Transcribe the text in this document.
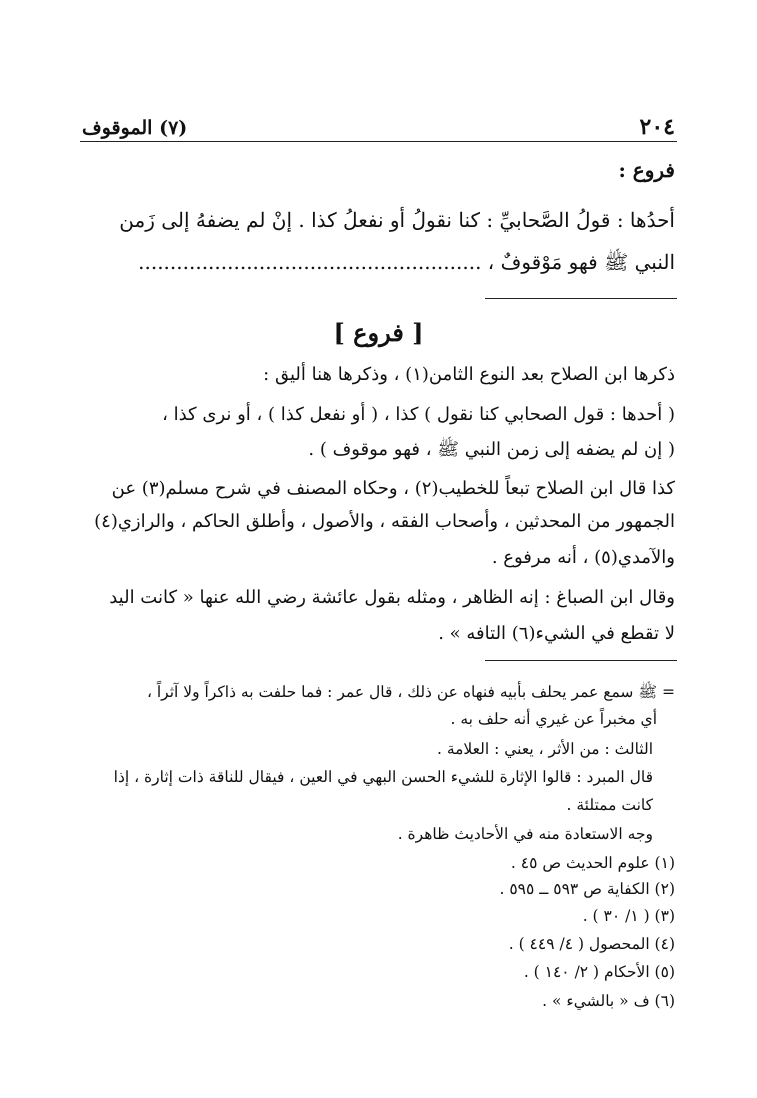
(٧) الموقوف	٢٠٤
فروع :
أحدُها : قولُ الصَّحابيِّ : كنا نقولُ أو نفعلُ كذا . إنْ لم يضفهُ إلى زَمن
النبي ﷺ فهو مَوْقوفٌ ، ......................................................
[ فروع ]
ذكرها ابن الصلاح بعد النوع الثامن(١) ، وذكرها هنا أليق :
( أحدها : قول الصحابي كنا نقول ) كذا ، ( أو نفعل كذا ) ، أو نرى كذا ،
( إن لم يضفه إلى زمن النبي ﷺ ، فهو موقوف ) .
كذا قال ابن الصلاح تبعاً للخطيب(٢) ، وحكاه المصنف في شرح مسلم(٣) عن
الجمهور من المحدثين ، وأصحاب الفقه ، والأصول ، وأطلق الحاكم ، والرازي(٤)
والآمدي(٥) ، أنه مرفوع .
وقال ابن الصباغ : إنه الظاهر ، ومثله بقول عائشة رضي الله عنها « كانت اليد
لا تقطع في الشيء(٦) التافه » .
= ﷺ سمع عمر يحلف بأبيه فنهاه عن ذلك ، قال عمر : فما حلفت به ذاكراً ولا آثراً ،
أي مخبراً عن غيري أنه حلف به .
الثالث : من الأثر ، يعني : العلامة .
قال المبرد : قالوا الإثارة للشيء الحسن البهي في العين ، فيقال للناقة ذات إثارة ، إذا
كانت ممتلئة .
وجه الاستعادة منه في الأحاديث ظاهرة .
(١) علوم الحديث ص ٤٥ .
(٢) الكفاية ص ٥٩٣ ــ ٥٩٥ .
(٣) ( ١/ ٣٠ ) .
(٤) المحصول ( ٤/ ٤٤٩ ) .
(٥) الأحكام ( ٢/ ١٤٠ ) .
(٦) ف « بالشيء » .
